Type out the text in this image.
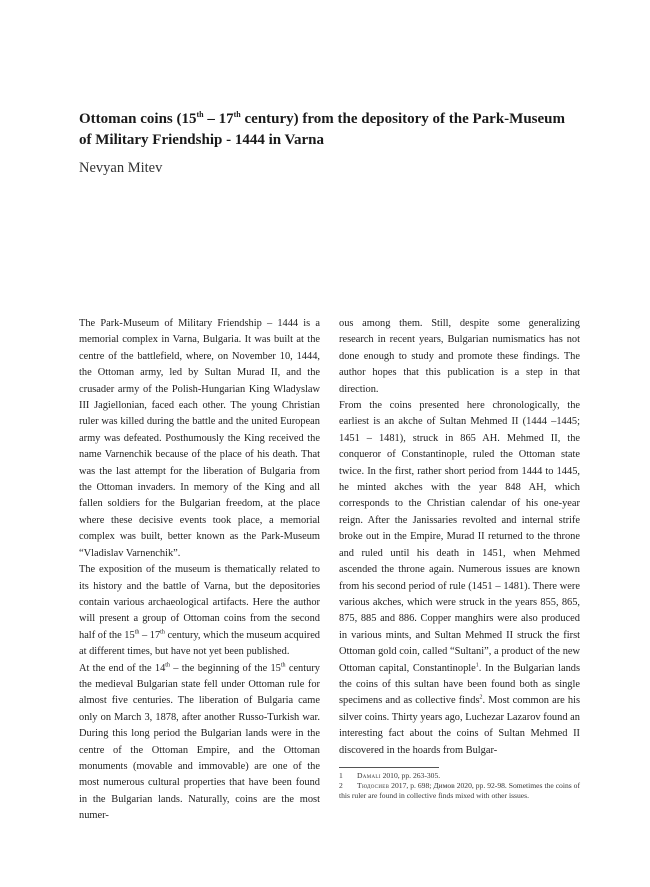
Ottoman coins (15th – 17th century) from the depository of the Park-Museum of Military Friendship - 1444 in Varna

Nevyan Mitev

The Park-Museum of Military Friendship – 1444 is a memorial complex in Varna, Bulgaria. It was built at the centre of the battlefield, where, on November 10, 1444, the Ottoman army, led by Sultan Murad II, and the crusader army of the Polish-Hungarian King Wladyslaw III Jagiellonian, faced each other. The young Christian ruler was killed during the battle and the united European army was defeated. Posthumously the King received the name Varnenchik because of the place of his death. That was the last attempt for the liberation of Bulgaria from the Ottoman invaders. In memory of the King and all fallen soldiers for the Bulgarian freedom, at the place where these decisive events took place, a memorial complex was built, better known as the Park-Museum “Vladislav Varnenchik”.

The exposition of the museum is thematically related to its history and the battle of Varna, but the depositories contain various archaeological artifacts. Here the author will present a group of Ottoman coins from the second half of the 15th – 17th century, which the museum acquired at different times, but have not yet been published.

At the end of the 14th – the beginning of the 15th century the medieval Bulgarian state fell under Ottoman rule for almost five centuries. The liberation of Bulgaria came only on March 3, 1878, after another Russo-Turkish war. During this long period the Bulgarian lands were in the centre of the Ottoman Empire, and the Ottoman monuments (movable and immovable) are one of the most numerous cultural properties that have been found in the Bulgarian lands. Naturally, coins are the most numer-

ous among them. Still, despite some generalizing research in recent years, Bulgarian numismatics has not done enough to study and promote these findings. The author hopes that this publication is a step in that direction.

From the coins presented here chronologically, the earliest is an akche of Sultan Mehmed II (1444 –1445; 1451 – 1481), struck in 865 AH. Mehmed II, the conqueror of Constantinople, ruled the Ottoman state twice. In the first, rather short period from 1444 to 1445, he minted akches with the year 848 AH, which corresponds to the Christian calendar of his one-year reign. After the Janissaries revolted and internal strife broke out in the Empire, Murad II returned to the throne and ruled until his death in 1451, when Mehmed ascended the throne again. Numerous issues are known from his second period of rule (1451 – 1481). There were various akches, which were struck in the years 855, 865, 875, 885 and 886. Copper manghirs were also produced in various mints, and Sultan Mehmed II struck the first Ottoman gold coin, called “Sultani”, a product of the new Ottoman capital, Constantinople$^1$. In the Bulgarian lands the coins of this sultan have been found both as single specimens and as collective finds$^2$. Most common are his silver coins. Thirty years ago, Luchezar Lazarov found an interesting fact about the coins of Sultan Mehmed II discovered in the hoards from Bulgar-

1 Damali 2010, pp. 263-305.

2 Тюдосиев 2017, p. 698; Димов 2020, pp. 92-98. Sometimes the coins of this ruler are found in collective finds mixed with other issues.
